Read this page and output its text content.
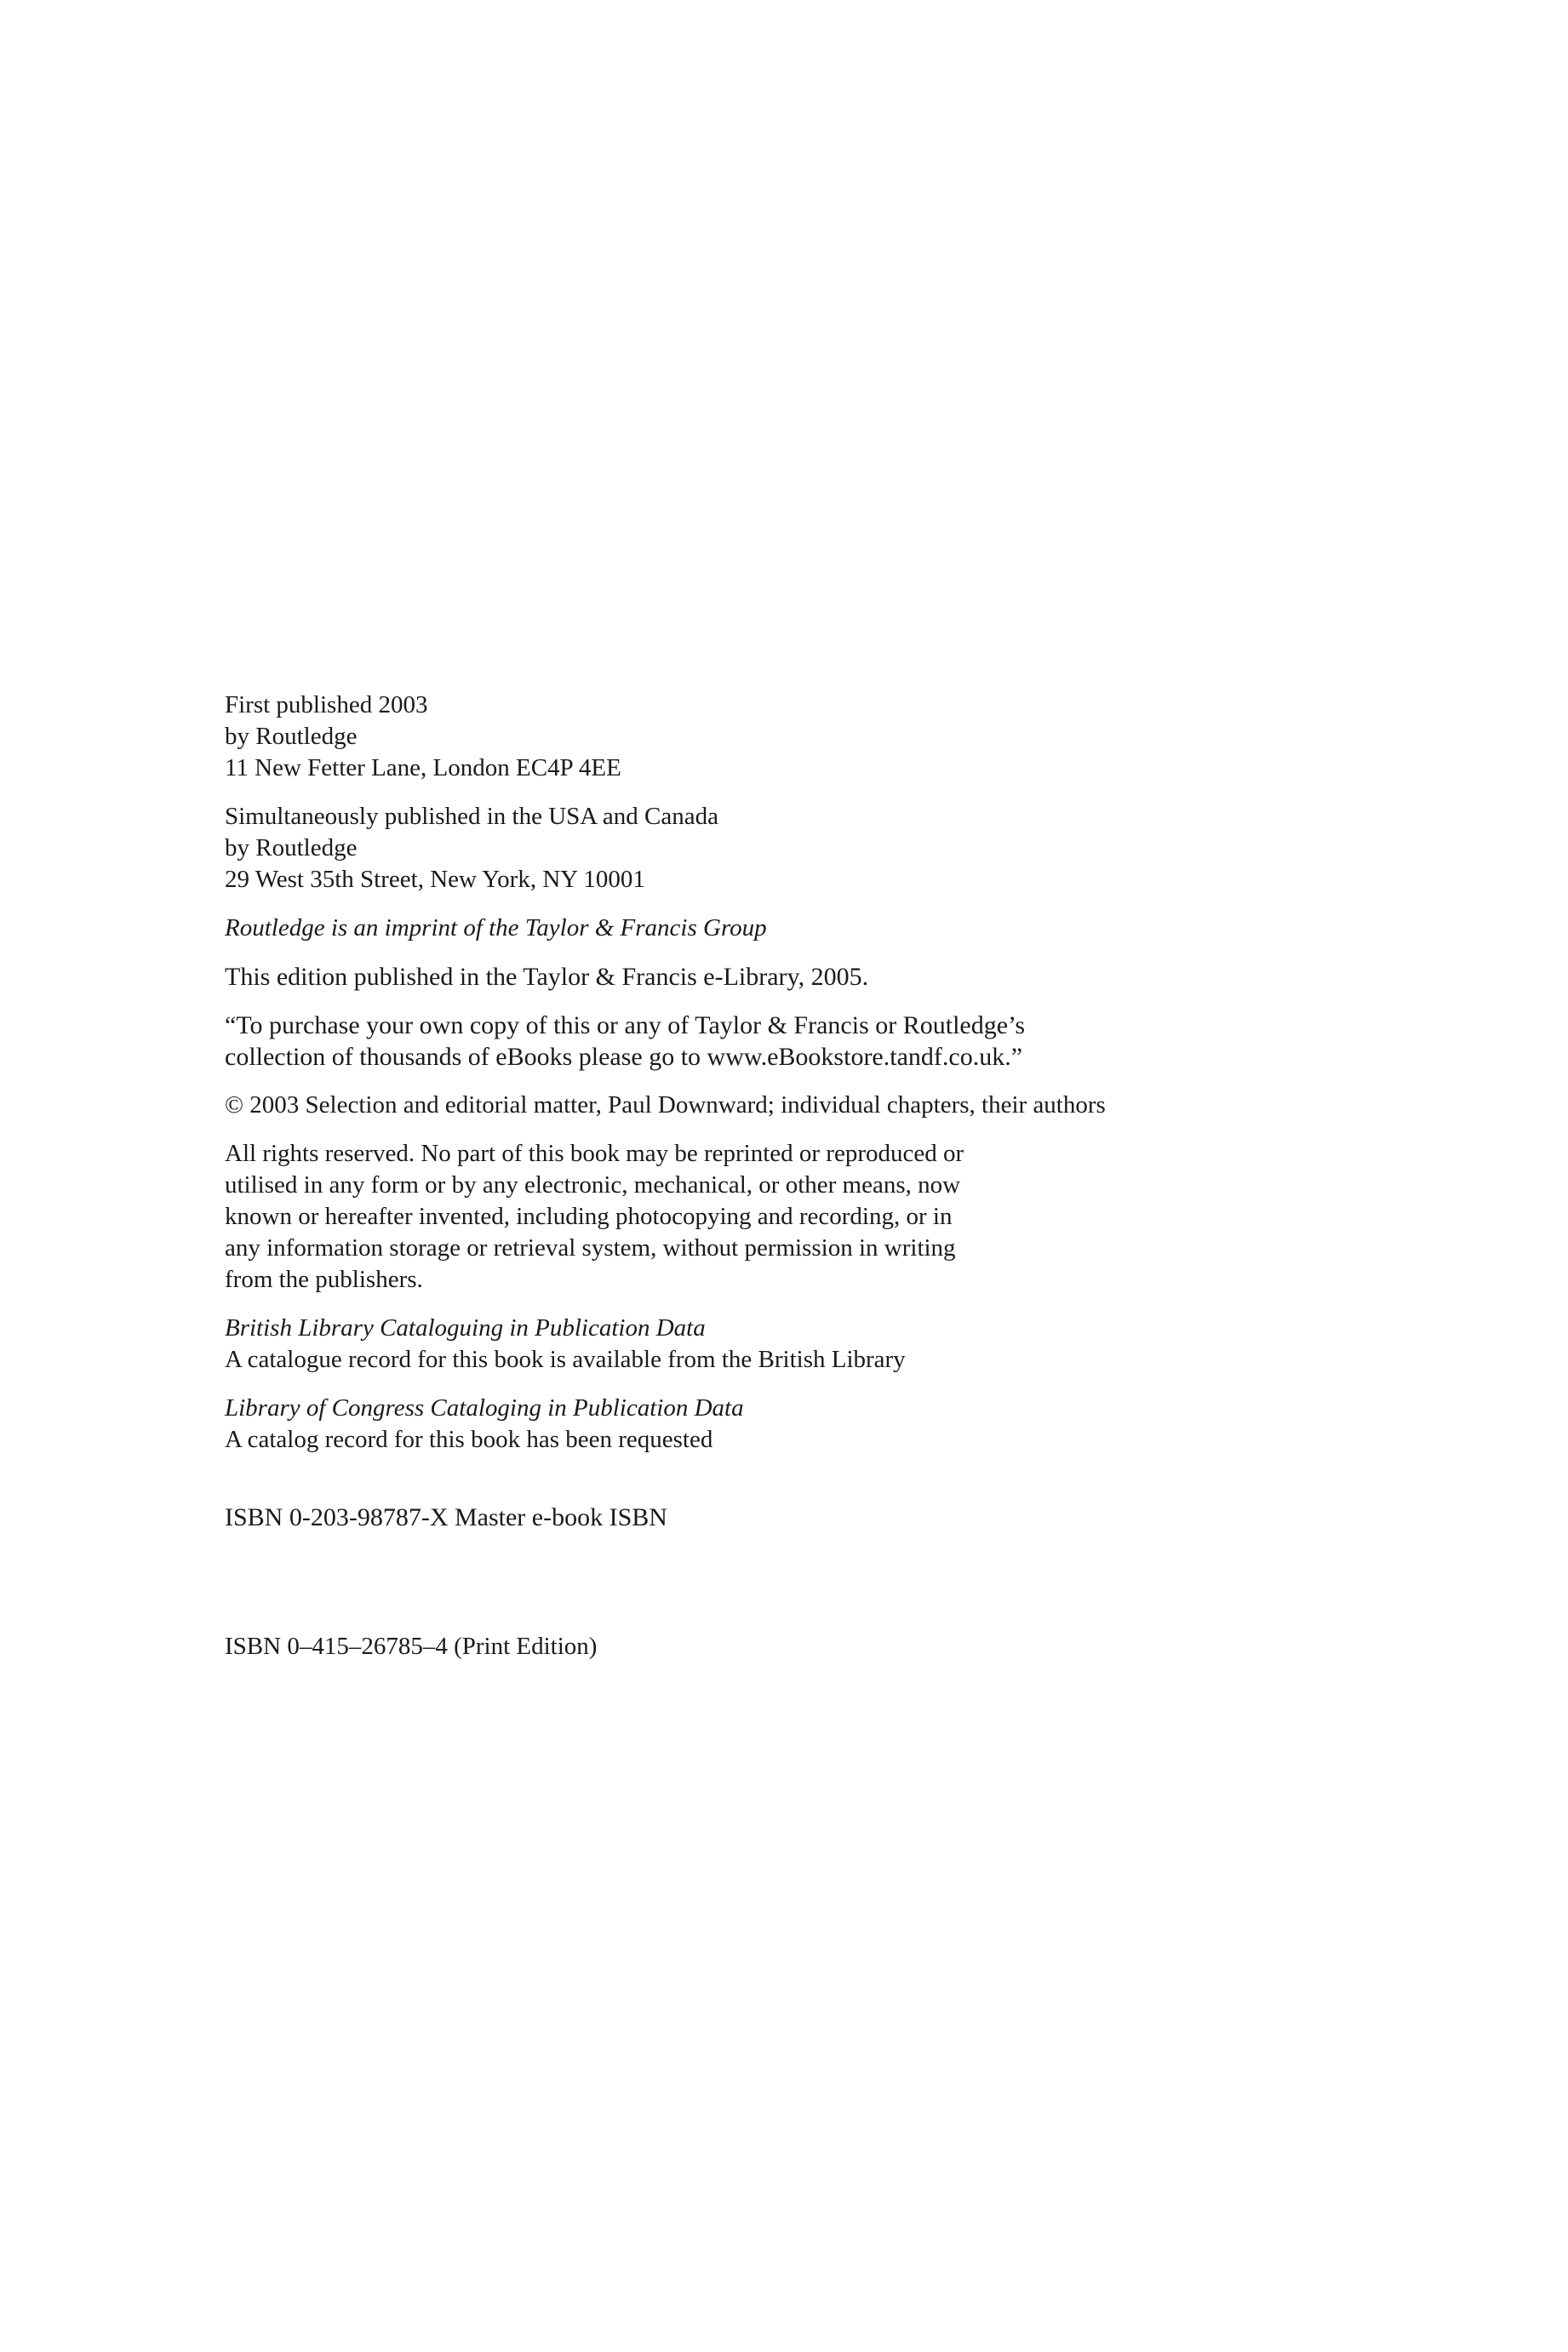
First published 2003
by Routledge
11 New Fetter Lane, London EC4P 4EE

Simultaneously published in the USA and Canada
by Routledge
29 West 35th Street, New York, NY 10001

Routledge is an imprint of the Taylor & Francis Group

This edition published in the Taylor & Francis e-Library, 2005.

“To purchase your own copy of this or any of Taylor & Francis or Routledge’s
collection of thousands of eBooks please go to www.eBookstore.tandf.co.uk.”

© 2003 Selection and editorial matter, Paul Downward; individual chapters, their authors

All rights reserved. No part of this book may be reprinted or reproduced or
utilised in any form or by any electronic, mechanical, or other means, now
known or hereafter invented, including photocopying and recording, or in
any information storage or retrieval system, without permission in writing
from the publishers.

British Library Cataloguing in Publication Data
A catalogue record for this book is available from the British Library

Library of Congress Cataloging in Publication Data
A catalog record for this book has been requested

ISBN 0-203-98787-X Master e-book ISBN
ISBN 0–415–26785–4 (Print Edition)
